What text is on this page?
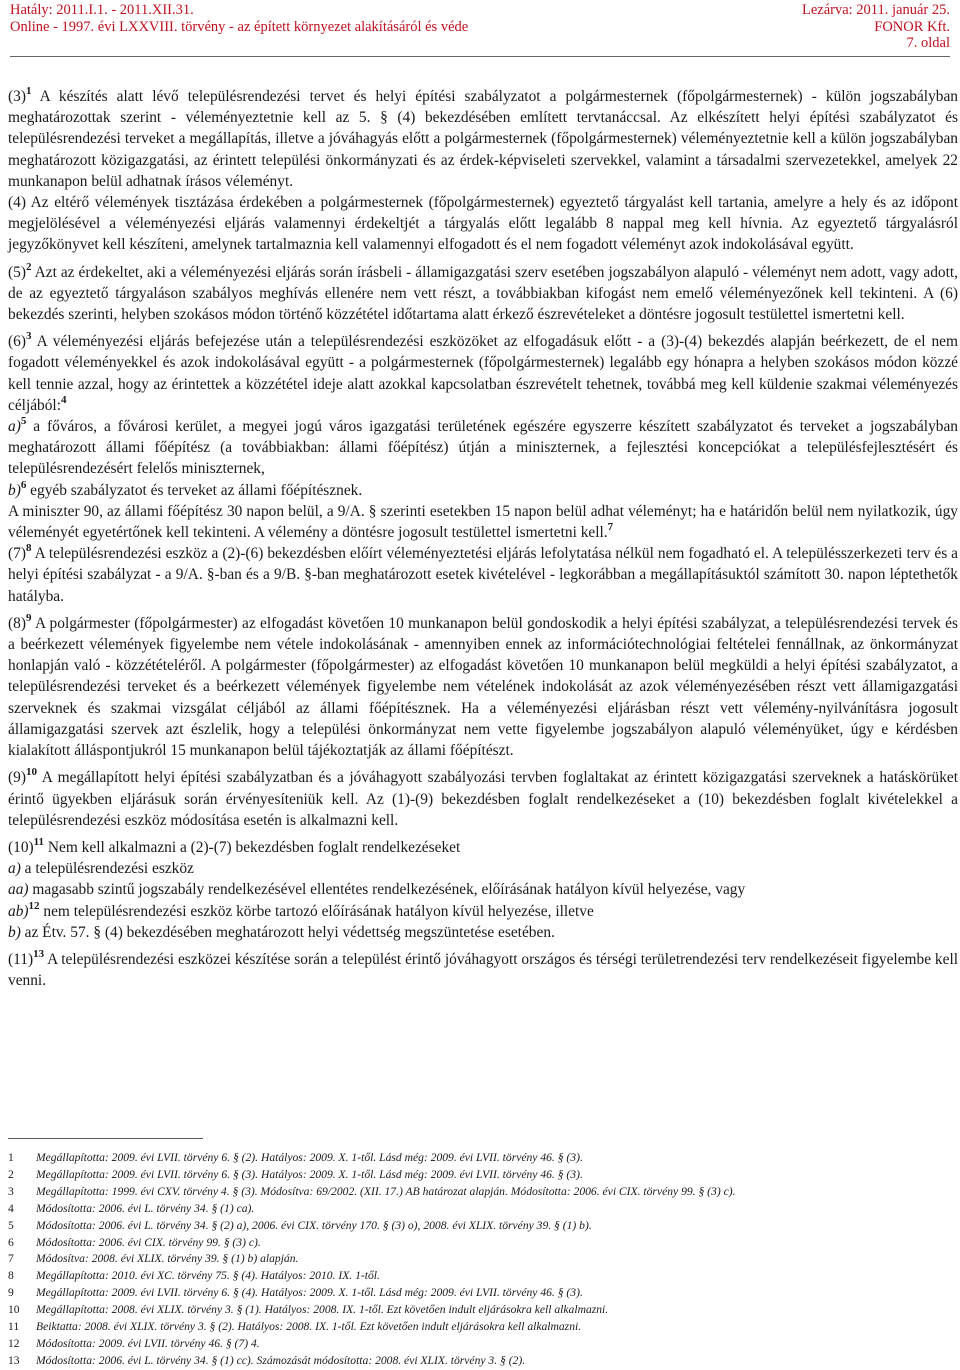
Hatály: 2011.I.1. - 2011.XII.31.
Online - 1997. évi LXXVIII. törvény - az épített környezet alakításáról és véde
Lezárva: 2011. január 25.
FONOR Kft.
7. oldal

$(3)^1$ A készítés alatt lévő településrendezési tervet és helyi építési szabályzatot a polgármesternek (főpolgármesternek) - külön jogszabályban meghatározottak szerint - véleményeztetnie kell az 5. § (4) bekezdésében említett tervtanáccsal. Az elkészített helyi építési szabályzatot és településrendezési terveket a megállapítás, illetve a jóváhagyás előtt a polgármesternek (főpolgármesternek) véleményeztetnie kell a külön jogszabályban meghatározott közigazgatási, az érintett települési önkormányzati és az érdek-képviseleti szervekkel, valamint a társadalmi szervezetekkel, amelyek 22 munkanapon belül adhatnak írásos véleményt.

(4) Az eltérő vélemények tisztázása érdekében a polgármesternek (főpolgármesternek) egyeztető tárgyalást kell tartania, amelyre a hely és az időpont megjelölésével a véleményezési eljárás valamennyi érdekeltjét a tárgyalás előtt legalább 8 nappal meg kell hívnia. Az egyeztető tárgyalásról jegyzőkönyvet kell készíteni, amelynek tartalmaznia kell valamennyi elfogadott és el nem fogadott véleményt azok indokolásával együtt.

$(5)^2$ Azt az érdekeltet, aki a véleményezési eljárás során írásbeli - államigazgatási szerv esetében jogszabályon alapuló - véleményt nem adott, vagy adott, de az egyeztető tárgyaláson szabályos meghívás ellenére nem vett részt, a továbbiakban kifogást nem emelő véleményezőnek kell tekinteni. A (6) bekezdés szerinti, helyben szokásos módon történő közzététel időtartama alatt érkező észrevételeket a döntésre jogosult testülettel ismertetni kell.

$(6)^3$ A véleményezési eljárás befejezése után a településrendezési eszközöket az elfogadásuk előtt - a (3)-(4) bekezdés alapján beérkezett, de el nem fogadott véleményekkel és azok indokolásával együtt - a polgármesternek (főpolgármesternek) legalább egy hónapra a helyben szokásos módon közzé kell tennie azzal, hogy az érintettek a közzététel ideje alatt azokkal kapcsolatban észrevételt tehetnek, továbbá meg kell küldenie szakmai véleményezés céljából:$^4$

a)$^5$ a főváros, a fővárosi kerület, a megyei jogú város igazgatási területének egészére egyszerre készített szabályzatot és terveket a jogszabályban meghatározott állami főépítész (a továbbiakban: állami főépítész) útján a miniszternek, a fejlesztési koncepciókat a településfejlesztésért és településrendezésért felelős miniszternek,

b)$^6$ egyéb szabályzatot és terveket az állami főépítésznek.

A miniszter 90, az állami főépítész 30 napon belül, a 9/A. § szerinti esetekben 15 napon belül adhat véleményt; ha e határidőn belül nem nyilatkozik, úgy véleményét egyetértőnek kell tekinteni. A vélemény a döntésre jogosult testülettel ismertetni kell.$^7$

$(7)^8$ A településrendezési eszköz a (2)-(6) bekezdésben előírt véleményeztetési eljárás lefolytatása nélkül nem fogadható el. A településszerkezeti terv és a helyi építési szabályzat - a 9/A. §-ban és a 9/B. §-ban meghatározott esetek kivételével - legkorábban a megállapításuktól számított 30. napon léptethetők hatályba.

$(8)^9$ A polgármester (főpolgármester) az elfogadást követően 10 munkanapon belül gondoskodik a helyi építési szabályzat, a településrendezési tervek és a beérkezett vélemények figyelembe nem vétele indokolásának - amennyiben ennek az információtechnológiai feltételei fennállnak, az önkormányzat honlapján való - közzétételéről. A polgármester (főpolgármester) az elfogadást követően 10 munkanapon belül megküldi a helyi építési szabályzatot, a településrendezési terveket és a beérkezett vélemények figyelembe nem vételének indokolását az azok véleményezésében részt vett államigazgatási szerveknek és szakmai vizsgálat céljából az állami főépítésznek. Ha a véleményezési eljárásban részt vett vélemény-nyilvánításra jogosult államigazgatási szervek azt észlelik, hogy a települési önkormányzat nem vette figyelembe jogszabályon alapuló véleményüket, úgy e kérdésben kialakított álláspontjukról 15 munkanapon belül tájékoztatják az állami főépítészt.

$(9)^{10}$ A megállapított helyi építési szabályzatban és a jóváhagyott szabályozási tervben foglaltakat az érintett közigazgatási szerveknek a hatáskörüket érintő ügyekben eljárásuk során érvényesíteniük kell. Az (1)-(9) bekezdésben foglalt rendelkezéseket a (10) bekezdésben foglalt kivételekkel a településrendezési eszköz módosítása esetén is alkalmazni kell.

$(10)^{11}$ Nem kell alkalmazni a (2)-(7) bekezdésben foglalt rendelkezéseket

a) a településrendezési eszköz

aa) magasabb szintű jogszabály rendelkezésével ellentétes rendelkezésének, előírásának hatályon kívül helyezése, vagy

ab)$^{12}$ nem településrendezési eszköz körbe tartozó előírásának hatályon kívül helyezése, illetve

b) az Étv. 57. § (4) bekezdésében meghatározott helyi védettség megszüntetése esetében.

$(11)^{13}$ A településrendezési eszközei készítése során a települést érintő jóváhagyott országos és térségi területrendezési terv rendelkezéseit figyelembe kell venni.

1 Megállapította: 2009. évi LVII. törvény 6. § (2). Hatályos: 2009. X. 1-től. Lásd még: 2009. évi LVII. törvény 46. § (3).
2 Megállapította: 2009. évi LVII. törvény 6. § (3). Hatályos: 2009. X. 1-től. Lásd még: 2009. évi LVII. törvény 46. § (3).
3 Megállapította: 1999. évi CXV. törvény 4. § (3). Módosítva: 69/2002. (XII. 17.) AB határozat alapján. Módosította: 2006. évi CIX. törvény 99. § (3) c).
4 Módosította: 2006. évi L. törvény 34. § (1) ca).
5 Módosította: 2006. évi L. törvény 34. § (2) a), 2006. évi CIX. törvény 170. § (3) o), 2008. évi XLIX. törvény 39. § (1) b).
6 Módosította: 2006. évi CIX. törvény 99. § (3) c).
7 Módosítva: 2008. évi XLIX. törvény 39. § (1) b) alapján.
8 Megállapította: 2010. évi XC. törvény 75. § (4). Hatályos: 2010. IX. 1-től.
9 Megállapította: 2009. évi LVII. törvény 6. § (4). Hatályos: 2009. X. 1-től. Lásd még: 2009. évi LVII. törvény 46. § (3).
10 Megállapította: 2008. évi XLIX. törvény 3. § (1). Hatályos: 2008. IX. 1-től. Ezt követően indult eljárásokra kell alkalmazni.
11 Beiktatta: 2008. évi XLIX. törvény 3. § (2). Hatályos: 2008. IX. 1-től. Ezt követően indult eljárásokra kell alkalmazni.
12 Módosította: 2009. évi LVII. törvény 46. § (7) 4.
13 Módosította: 2006. évi L. törvény 34. § (1) cc). Számozását módosította: 2008. évi XLIX. törvény 3. § (2).
